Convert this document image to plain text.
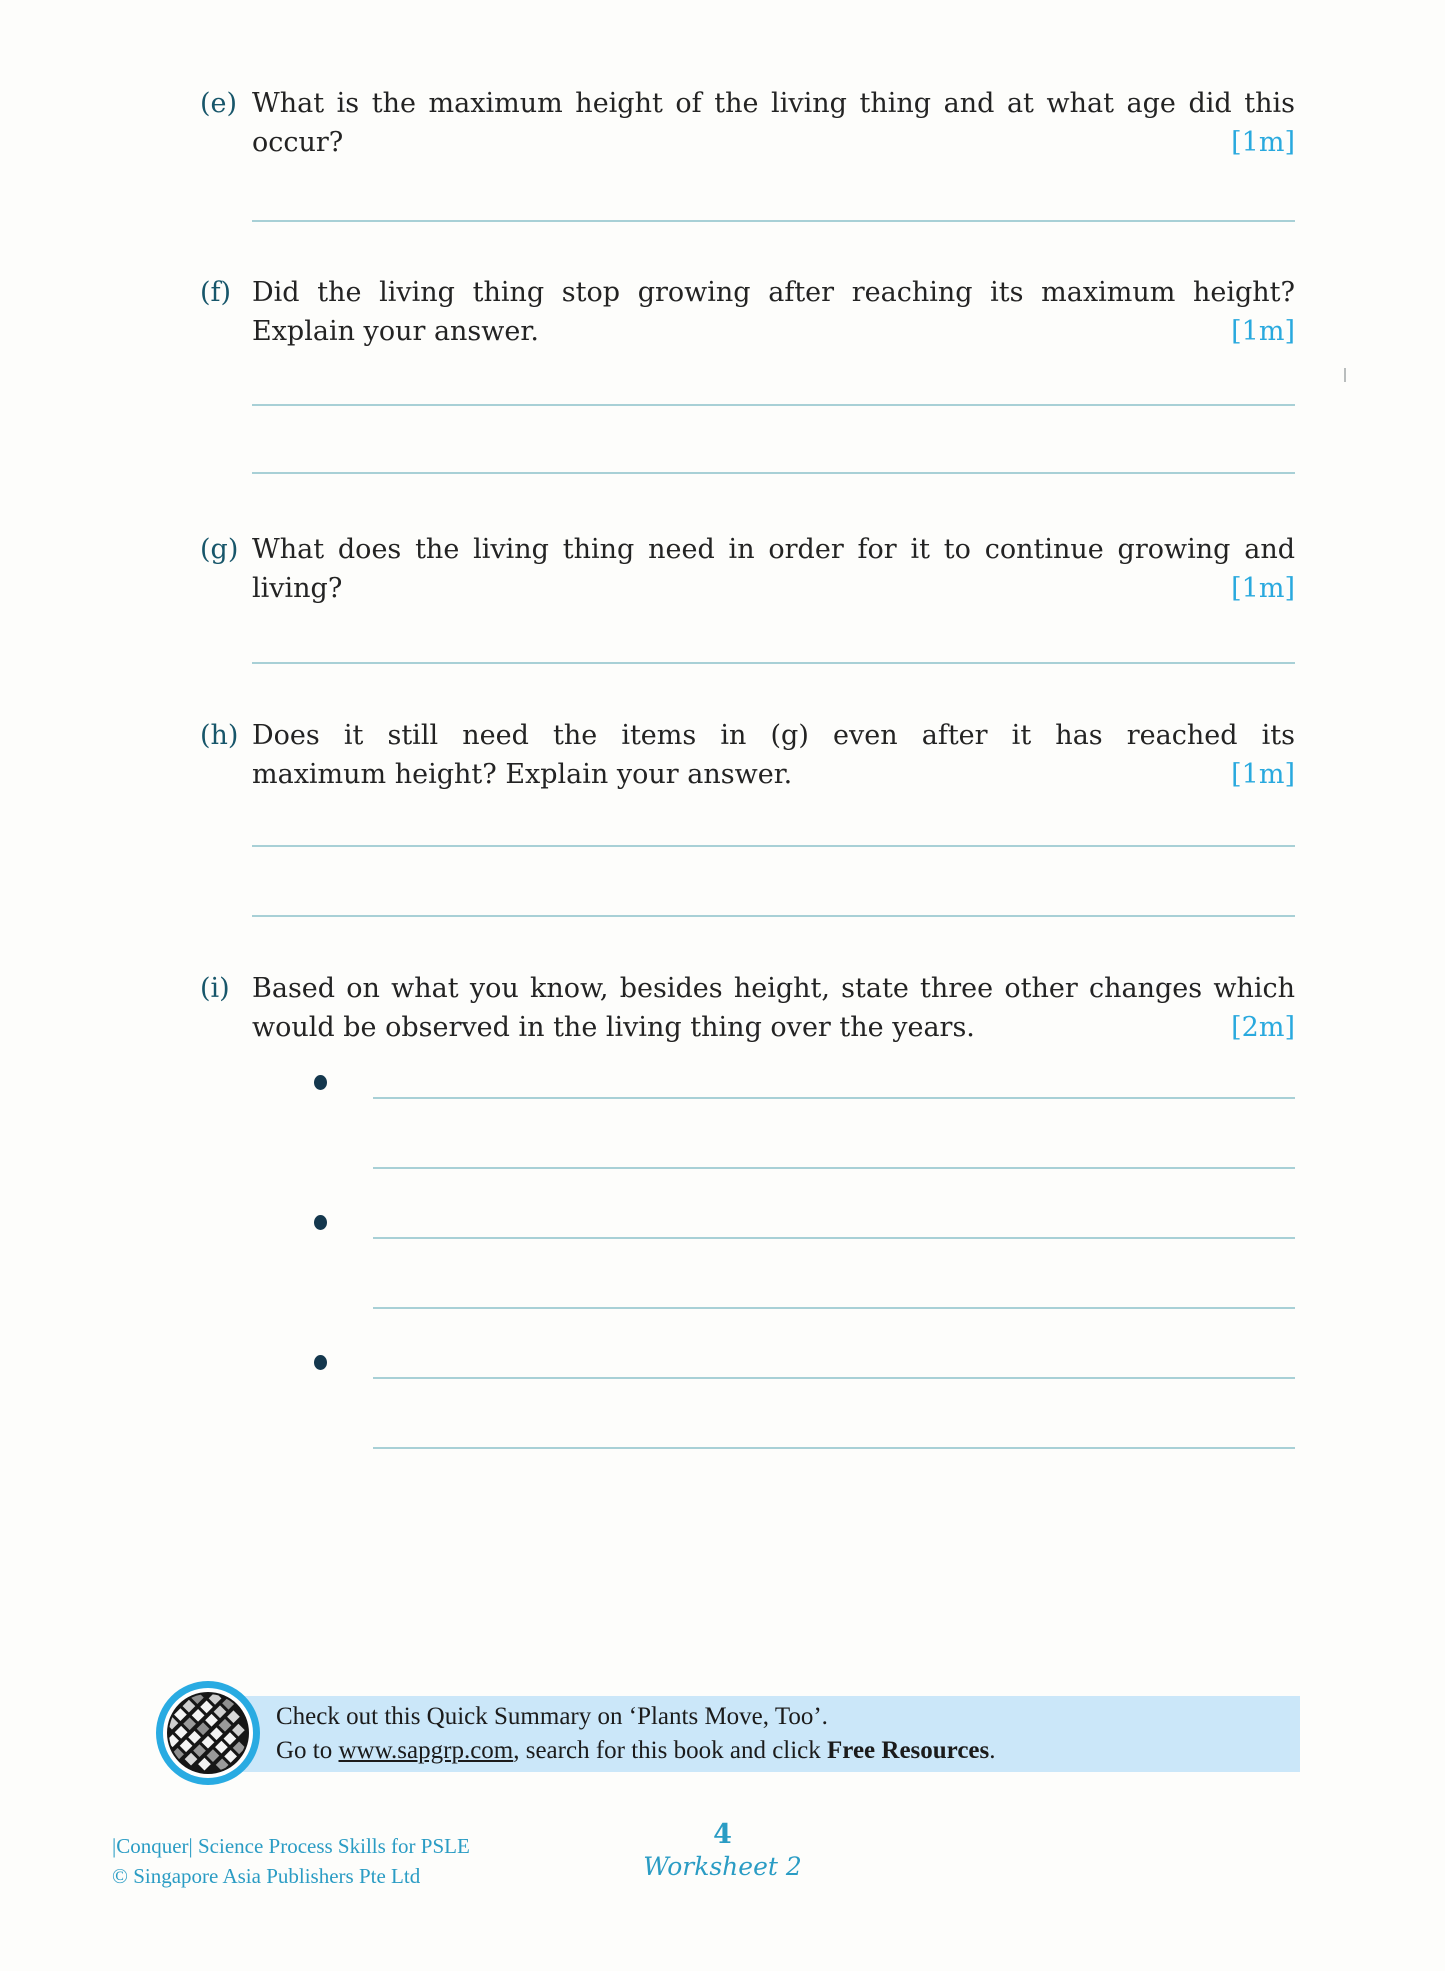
(e) What is the maximum height of the living thing and at what age did this
occur?	[1m]
(f) Did the living thing stop growing after reaching its maximum height?
Explain your answer.	[1m]
(g) What does the living thing need in order for it to continue growing and
living?	[1m]
(h) Does it still need the items in (g) even after it has reached its
maximum height? Explain your answer.	[1m]
(i) Based on what you know, besides height, state three other changes which
would be observed in the living thing over the years.	[2m]
Check out this Quick Summary on ‘Plants Move, Too’.
Go to www.sapgrp.com, search for this book and click Free Resources.
4
Worksheet 2
|Conquer| Science Process Skills for PSLE
© Singapore Asia Publishers Pte Ltd
